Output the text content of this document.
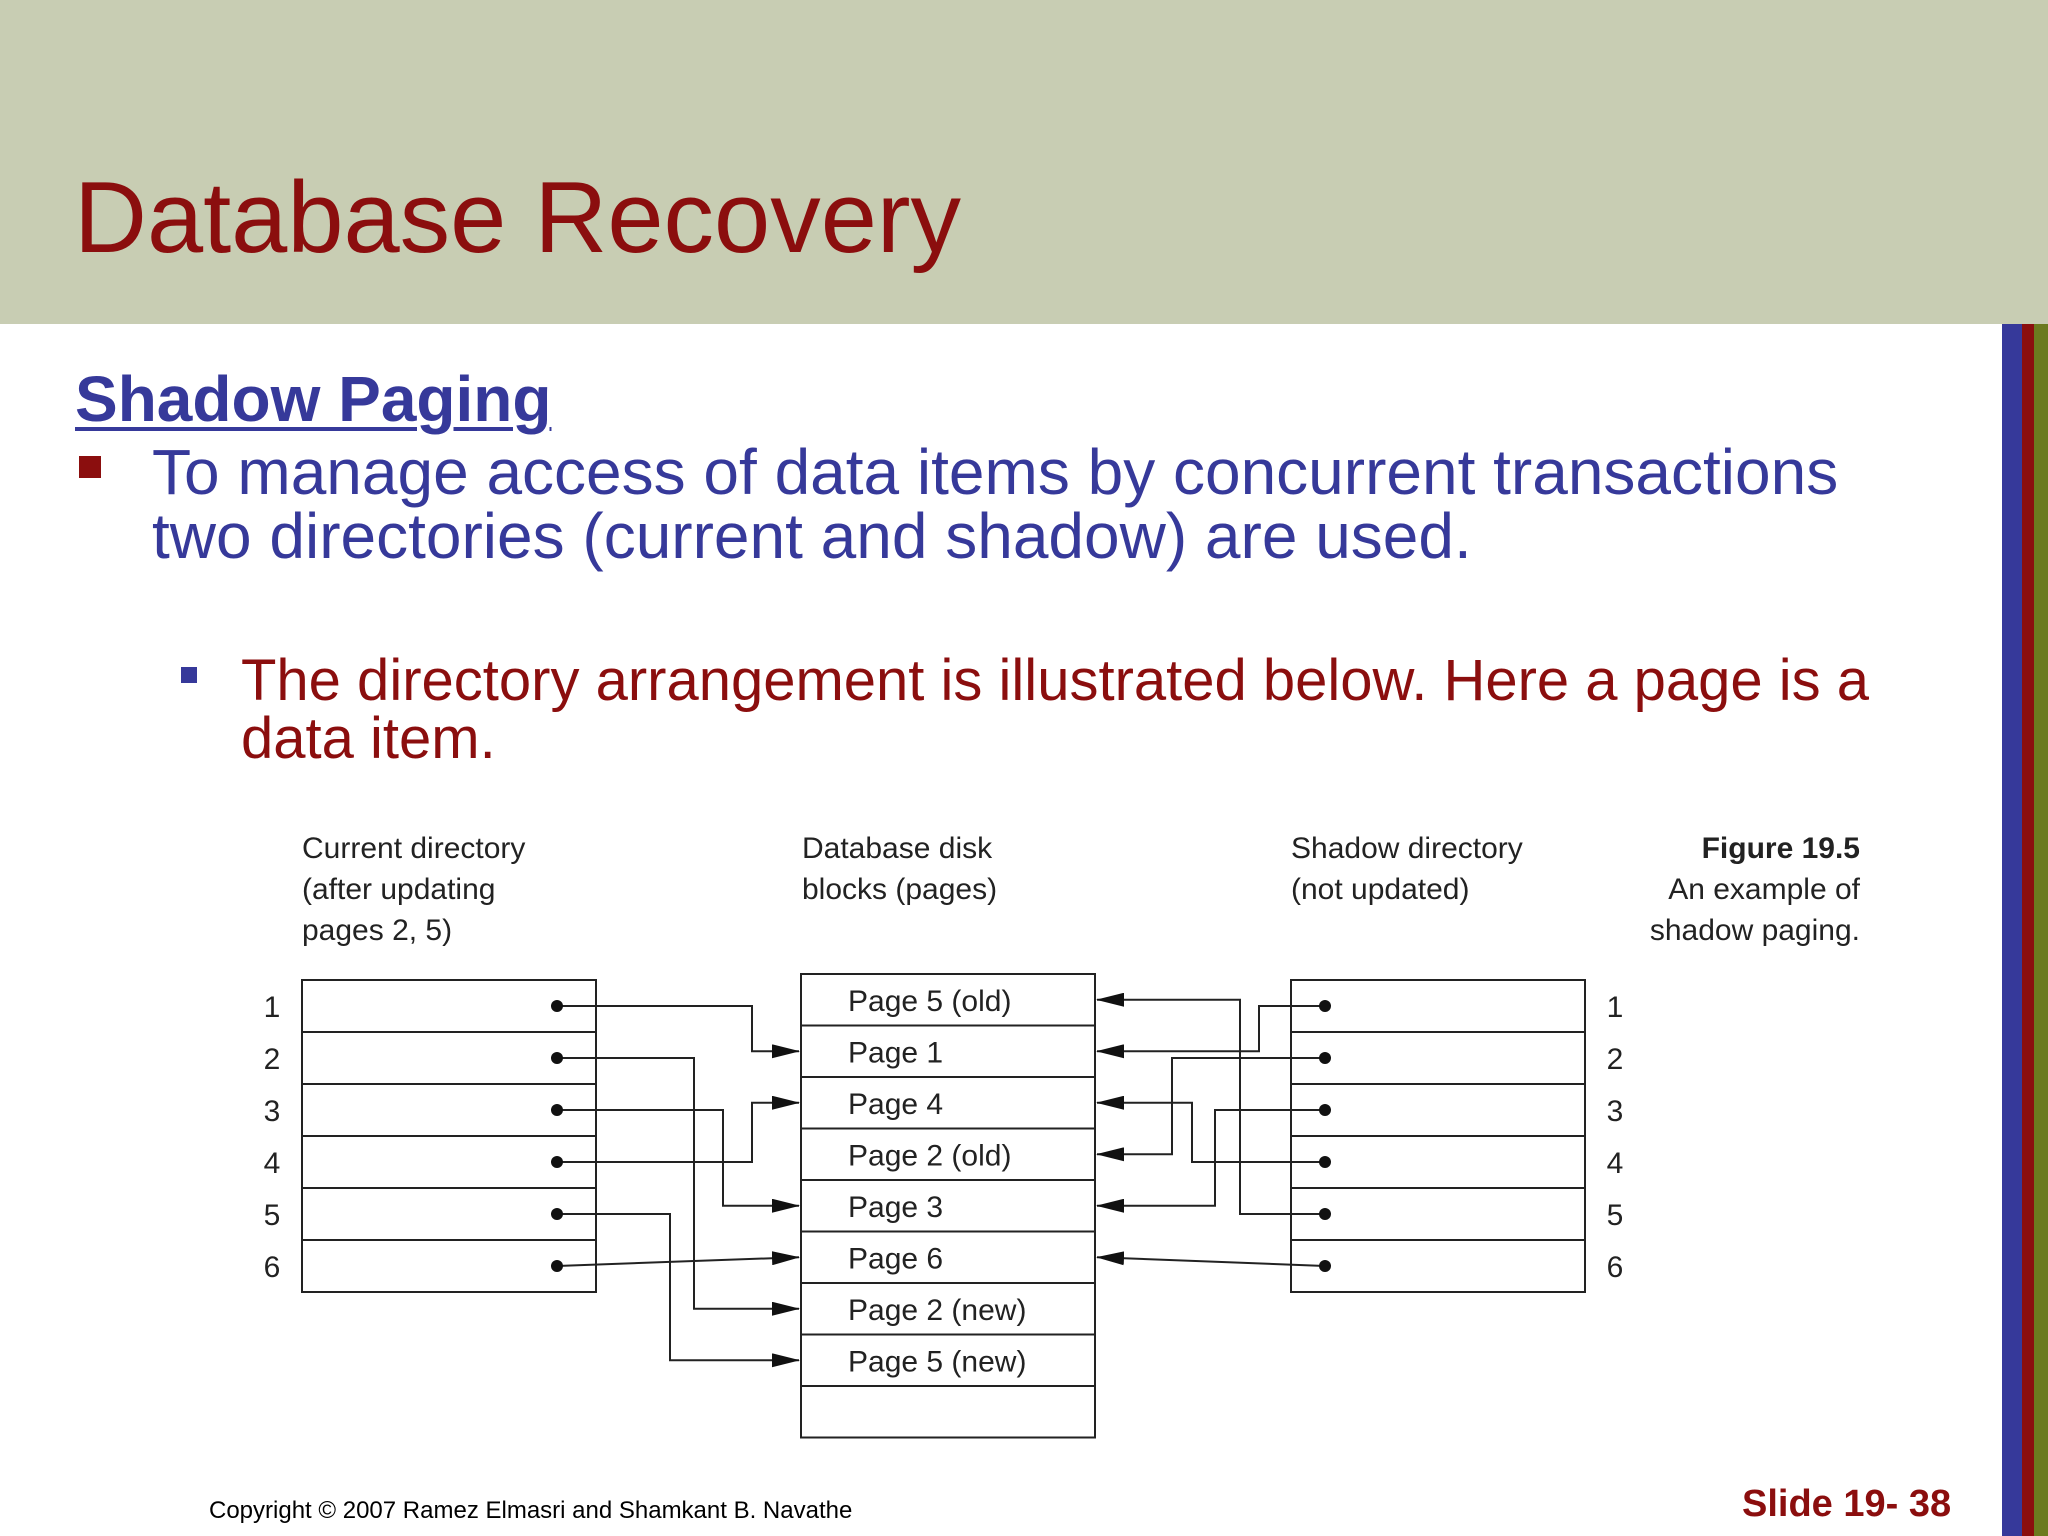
Database Recovery
Shadow Paging
To manage access of data items by concurrent transactions two directories (current and shadow) are used.
The directory arrangement is illustrated below. Here a page is a data item.
Current directory
(after updating
pages 2, 5)
Database disk
blocks (pages)
Shadow directory
(not updated)
Figure 19.5
An example of
shadow paging.
1	1
2	2
3	3
4	4
5	5
6	6
Page 5 (old)
Page 1
Page 4
Page 2 (old)
Page 3
Page 6
Page 2 (new)
Page 5 (new)
Copyright © 2007 Ramez Elmasri and Shamkant B. Navathe	Slide 19- 38
